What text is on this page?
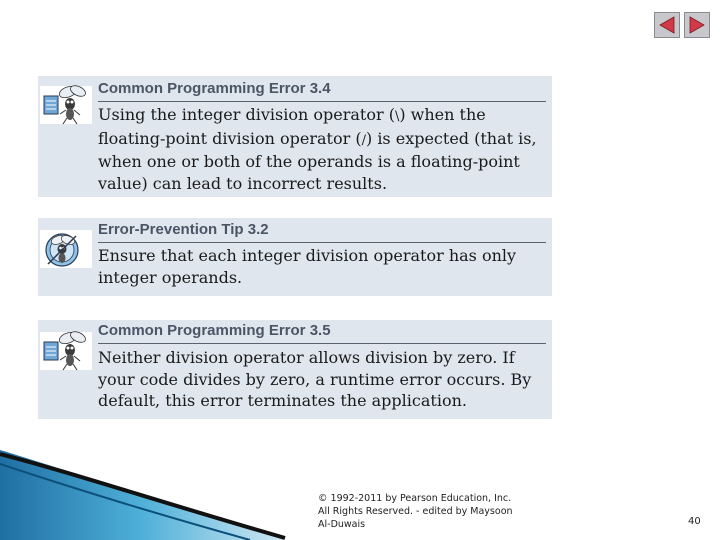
Common Programming Error 3.4
Using the integer division operator (\) when the floating-point division operator (/) is expected (that is, when one or both of the operands is a floating-point value) can lead to incorrect results.
Error-Prevention Tip 3.2
Ensure that each integer division operator has only integer operands.
Common Programming Error 3.5
Neither division operator allows division by zero. If your code divides by zero, a runtime error occurs. By default, this error terminates the application.
© 1992-2011 by Pearson Education, Inc.
All Rights Reserved. - edited by Maysoon
Al-Duwais	40
